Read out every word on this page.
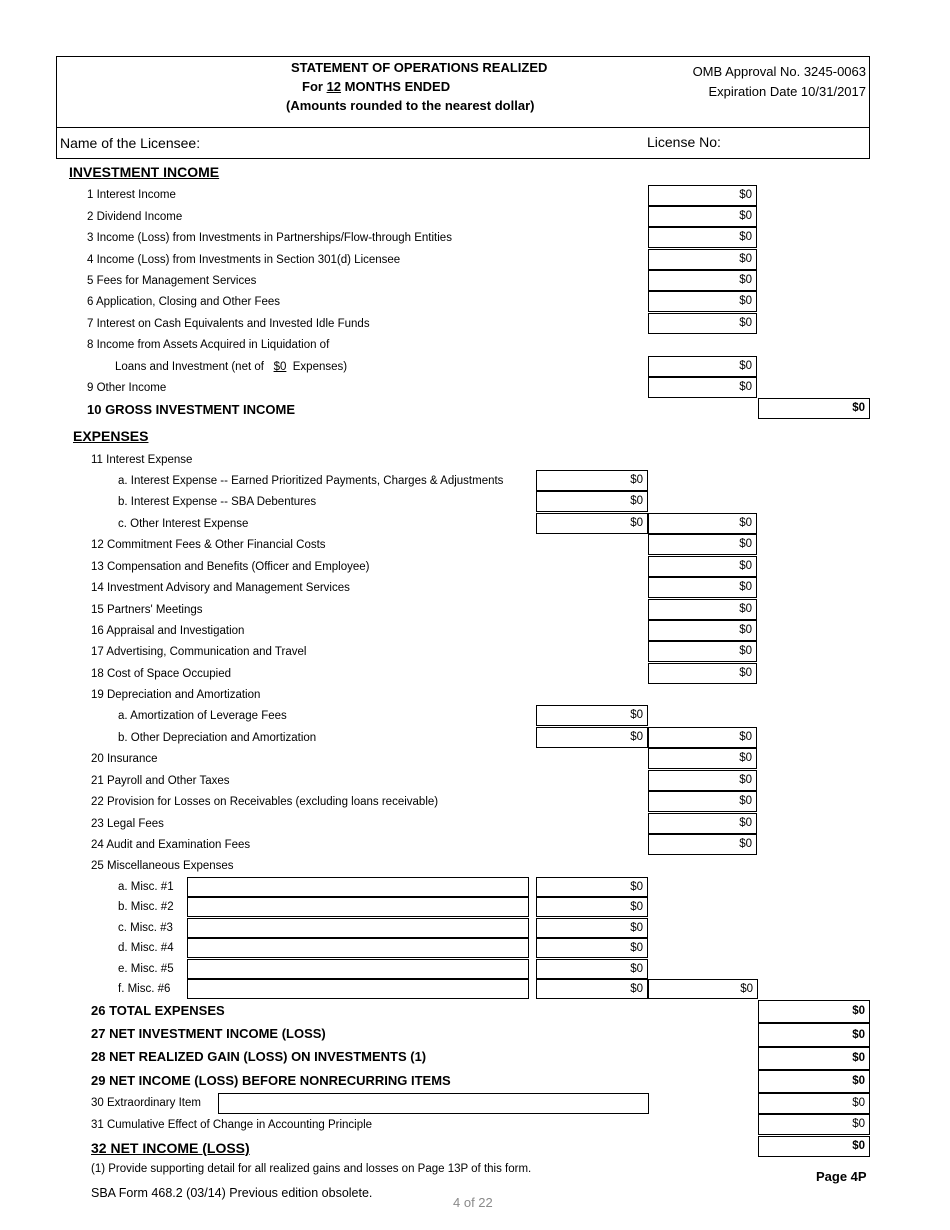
STATEMENT OF OPERATIONS REALIZED
For 12 MONTHS ENDED
(Amounts rounded to the nearest dollar)
OMB Approval No. 3245-0063
Expiration Date 10/31/2017
Name of the Licensee:	License No:
INVESTMENT INCOME
1 Interest Income	$0
2 Dividend Income	$0
3 Income (Loss) from Investments in Partnerships/Flow-through Entities	$0
4 Income (Loss) from Investments in Section 301(d) Licensee	$0
5 Fees for Management Services	$0
6 Application, Closing and Other Fees	$0
7 Interest on Cash Equivalents and Invested Idle Funds	$0
8 Income from Assets Acquired in Liquidation of
Loans and Investment (net of $0 Expenses)	$0
9 Other Income	$0
10 GROSS INVESTMENT INCOME	$0
EXPENSES
11 Interest Expense
a. Interest Expense -- Earned Prioritized Payments, Charges & Adjustments	$0
b. Interest Expense -- SBA Debentures	$0
c. Other Interest Expense	$0	$0
12 Commitment Fees & Other Financial Costs	$0
13 Compensation and Benefits (Officer and Employee)	$0
14 Investment Advisory and Management Services	$0
15 Partners' Meetings	$0
16 Appraisal and Investigation	$0
17 Advertising, Communication and Travel	$0
18 Cost of Space Occupied	$0
19 Depreciation and Amortization
a. Amortization of Leverage Fees	$0
b. Other Depreciation and Amortization	$0	$0
20 Insurance	$0
21 Payroll and Other Taxes	$0
22 Provision for Losses on Receivables (excluding loans receivable)	$0
23 Legal Fees	$0
24 Audit and Examination Fees	$0
25 Miscellaneous Expenses
a. Misc. #1	$0
b. Misc. #2	$0
c. Misc. #3	$0
d. Misc. #4	$0
e. Misc. #5	$0
f. Misc. #6	$0	$0
26 TOTAL EXPENSES	$0
27 NET INVESTMENT INCOME (LOSS)	$0
28 NET REALIZED GAIN (LOSS) ON INVESTMENTS (1)	$0
29 NET INCOME (LOSS) BEFORE NONRECURRING ITEMS	$0
30 Extraordinary Item	$0
31 Cumulative Effect of Change in Accounting Principle	$0
32 NET INCOME (LOSS)	$0
(1) Provide supporting detail for all realized gains and losses on Page 13P of this form.	Page 4P
SBA Form 468.2 (03/14) Previous edition obsolete.
4 of 22
